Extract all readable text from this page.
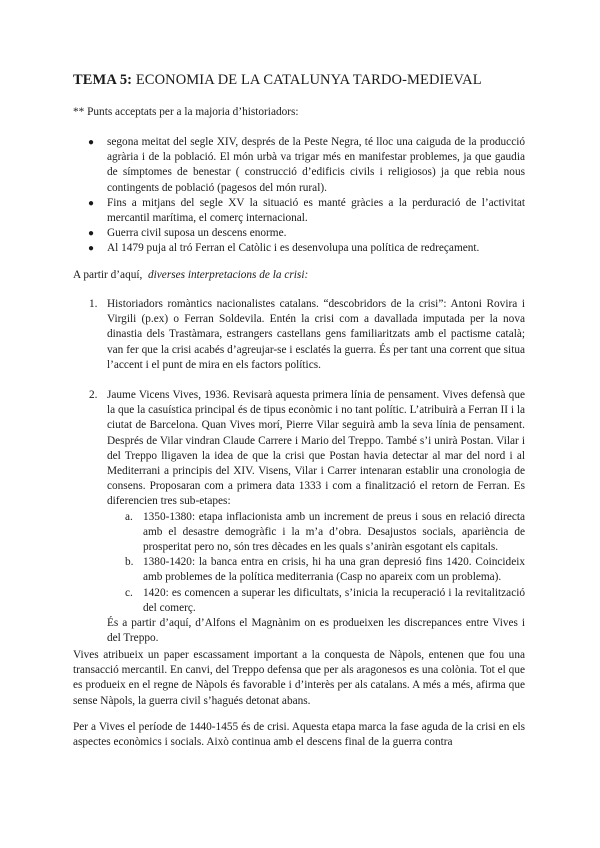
TEMA 5: ECONOMIA DE LA CATALUNYA TARDO-MEDIEVAL
** Punts acceptats per a la majoria d’historiadors:
● segona meitat del segle XIV, després de la Peste Negra, té lloc una caiguda de la producció agrària i de la població. El món urbà va trigar més en manifestar problemes, ja que gaudia de símptomes de benestar ( construcció d’edificis civils i religiosos) ja que rebia nous contingents de població (pagesos del món rural).
● Fins a mitjans del segle XV la situació es manté gràcies a la perduració de l’activitat mercantil marítima, el comerç internacional.
● Guerra civil suposa un descens enorme.
● Al 1479 puja al tró Ferran el Catòlic i es desenvolupa una política de redreçament.
A partir d’aquí, diverses interpretacions de la crisi:
1. Historiadors romàntics nacionalistes catalans. “descobridors de la crisi”: Antoni Rovira i Virgili (p.ex) o Ferran Soldevila. Entén la crisi com a davallada imputada per la nova dinastia dels Trastàmara, estrangers castellans gens familiaritzats amb el pactisme català; van fer que la crisi acabés d’agreujar-se i esclatés la guerra. És per tant una corrent que situa l’accent i el punt de mira en els factors polítics.
2. Jaume Vicens Vives, 1936. Revisarà aquesta primera línia de pensament. Vives defensà que la que la casuística principal és de tipus econòmic i no tant polític. L’atribuirà a Ferran II i la ciutat de Barcelona. Quan Vives morí, Pierre Vilar seguirà amb la seva línia de pensament. Després de Vilar vindran Claude Carrere i Mario del Treppo. També s’i unirà Postan. Vilar i del Treppo lligaven la idea de que la crisi que Postan havia detectar al mar del nord i al Mediterrani a principis del XIV. Visens, Vilar i Carrer intenaran establir una cronologia de consens. Proposaran com a primera data 1333 i com a finalització el retorn de Ferran. Es diferencien tres sub-etapes:
a. 1350-1380: etapa inflacionista amb un increment de preus i sous en relació directa amb el desastre demogràfic i la m’a d’obra. Desajustos socials, apariència de prosperitat pero no, són tres dècades en les quals s’aniràn esgotant els capitals.
b. 1380-1420: la banca entra en crisis, hi ha una gran depresió fins 1420. Coincideix amb problemes de la política mediterrania (Casp no apareix com un problema).
c. 1420: es comencen a superar les dificultats, s’inicia la recuperació i la revitalització del comerç.
És a partir d’aquí, d’Alfons el Magnànim on es produeixen les discrepances entre Vives i del Treppo.
Vives atribueix un paper escassament important a la conquesta de Nàpols, entenen que fou una transacció mercantil. En canvi, del Treppo defensa que per als aragonesos es una colònia. Tot el que es produeix en el regne de Nàpols és favorable i d’interès per als catalans. A més a més, afirma que sense Nàpols, la guerra civil s’hagués detonat abans.
Per a Vives el període de 1440-1455 és de crisi. Aquesta etapa marca la fase aguda de la crisi en els aspectes econòmics i socials. Això continua amb el descens final de la guerra contra
